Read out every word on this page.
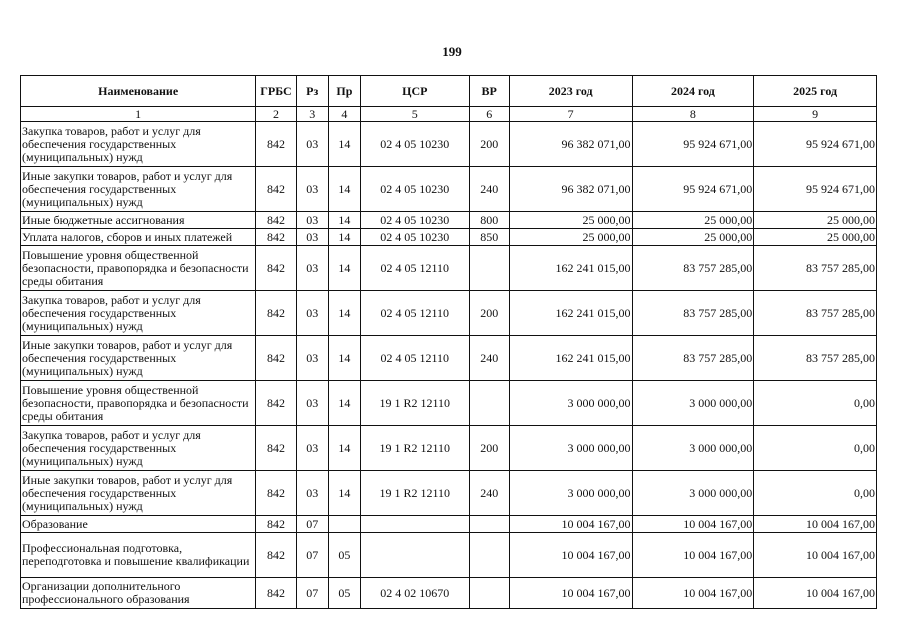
199
Наименование	ГРБС	Рз	Пр	ЦСР	ВР	2023 год	2024 год	2025 год
1	2	3	4	5	6	7	8	9
Закупка товаров, работ и услуг для обеспечения государственных (муниципальных) нужд	842	03	14	02 4 05 10230	200	96 382 071,00	95 924 671,00	95 924 671,00
Иные закупки товаров, работ и услуг для обеспечения государственных (муниципальных) нужд	842	03	14	02 4 05 10230	240	96 382 071,00	95 924 671,00	95 924 671,00
Иные бюджетные ассигнования	842	03	14	02 4 05 10230	800	25 000,00	25 000,00	25 000,00
Уплата налогов, сборов и иных платежей	842	03	14	02 4 05 10230	850	25 000,00	25 000,00	25 000,00
Повышение уровня общественной безопасности, правопорядка и безопасности среды обитания	842	03	14	02 4 05 12110		162 241 015,00	83 757 285,00	83 757 285,00
Закупка товаров, работ и услуг для обеспечения государственных (муниципальных) нужд	842	03	14	02 4 05 12110	200	162 241 015,00	83 757 285,00	83 757 285,00
Иные закупки товаров, работ и услуг для обеспечения государственных (муниципальных) нужд	842	03	14	02 4 05 12110	240	162 241 015,00	83 757 285,00	83 757 285,00
Повышение уровня общественной безопасности, правопорядка и безопасности среды обитания	842	03	14	19 1 R2 12110		3 000 000,00	3 000 000,00	0,00
Закупка товаров, работ и услуг для обеспечения государственных (муниципальных) нужд	842	03	14	19 1 R2 12110	200	3 000 000,00	3 000 000,00	0,00
Иные закупки товаров, работ и услуг для обеспечения государственных (муниципальных) нужд	842	03	14	19 1 R2 12110	240	3 000 000,00	3 000 000,00	0,00
Образование	842	07				10 004 167,00	10 004 167,00	10 004 167,00
Профессиональная подготовка, переподготовка и повышение квалификации	842	07	05			10 004 167,00	10 004 167,00	10 004 167,00
Организации дополнительного профессионального образования	842	07	05	02 4 02 10670		10 004 167,00	10 004 167,00	10 004 167,00
